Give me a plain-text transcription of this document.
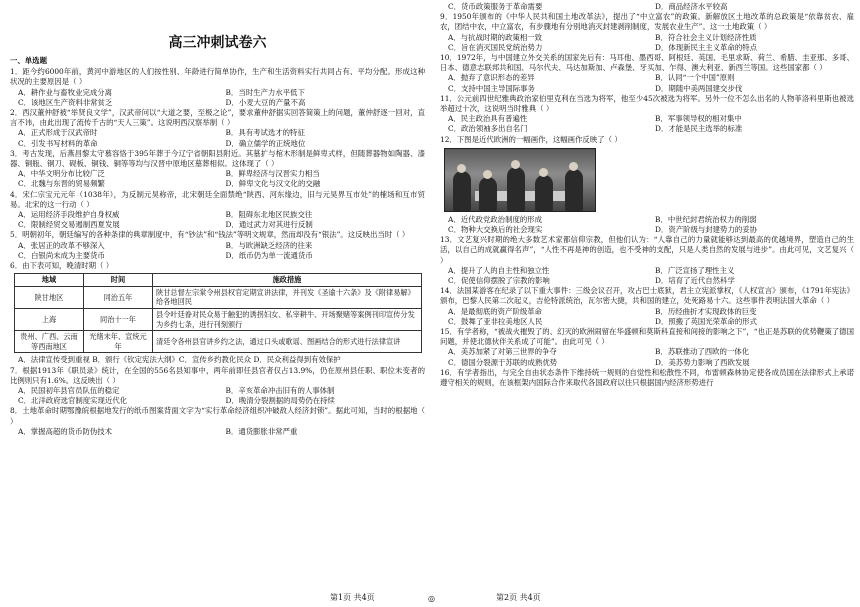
高三冲刺试卷六
一、单选题

1．距今约6000年前，黄河中游地区的人们按性别、年龄进行简单协作，生产和生活资料实行共同占有、平均分配。形成这种状况的主要原因是（ ）

A．耕作业与畜牧业完成分离	B．当时生产力水平低下
C．该地区生产资料非常贫乏	D．小麦大豆的产量不高

2．西汉董仲舒被“举贤良文学”，汉武帝问以“大道之要，至极之论”，要求董仲舒据实回答简策上的问题，董仲舒逐一回对，直言不讳，由此出现了流传千古的“天人三策”。这说明西汉察举制（ ）

A．正式形成于汉武帝时	B．具有考试选才的特征
C．引发书写材料的革命	D．确立儒学的正统地位

3．考古发现，后燕昌黎太守慕容恪于395年葬于今辽宁省朝阳县附近。其墓扩与棺木形制是鲜卑式样，但随葬器物如陶器、漆器、铜瓶、铜刀、砚板、铜钱、铜等等均与汉晋中原地区墓葬相似。这体现了（ ）

A．中华文明分布比较广泛	B．鲜卑经济与汉晋实力相当
C．北魏与东晋的贸易频繁	D．鲜卑文化与汉文化的交融

4．宋仁宗宝元元年（1038年），为反制元昊称帝，北宋朝廷全面禁绝“陕西、河东缘边，旧与元昊界互市处”的榷场和互市贸易。北宋的这一行动（ ）

A．运用经济手段维护自身权威	B．阻碍东北地区民族交往
C．限制经贸交易遏制西夏发展	D．通过武力对其进行反制

5．明朝初年，朝廷编写的各种条律的典章制度中，有“钞法”和“钱法”等明文规章，然而却没有“银法”。这反映出当时（ ）

A．张居正的改革不够深入	B．与欧洲缺乏经济的往来
C．白银尚未成为主要货币	D．纸币仍为单一流通货币

6．由下表可知，晚清时期（ ）

地域	时间	施政措施
陕甘地区	同治五年	陕甘总督左宗棠令州县权官定期宣讲法律，并刊发《圣谕十六条》及《附律易解》给各地回民
上海	同治十一年	县令叶廷眷对民众易于触犯的诱拐妇女、私宰耕牛、开场聚赌等案例刊印宣传分发为乡约七条，进行刊刻颁行
贵州、广西、云南等西南地区	光绪末年、宣统元年	清廷令各州县官讲乡约之法，通过口头或歌谣、图画结合的形式进行法律宣讲
A．法律宣传受到重视 B．颁行《钦定宪法大纲》C．宣传乡约教化民众 D．民众利益得到有效保护

7．根据1913年《职员录》统计，在全国的556名县知事中，两年前即任县官者仅占13.9%，仍在原州县任职、职位未变者的比例则只有1.6%。这反映出（ ）

A．民国初年县官员队伍的稳定	B．辛亥革命冲击旧有的人事体制
C．北洋政府选官制度实现近代化	D．晚清分裂割据的局势仍在持续

8．土地革命时期鄂豫皖根据地发行的纸币图案背面文字为“实行革命经济组织冲破敌人经济封锁”。据此可知，当时的根据地（ ）

A．掌握高超的货币防伪技术	B．通货膨胀非常严重
C．货币政策服务于革命需要	D．商品经济水平较高

9．1950年颁布的《中华人民共和国土地改革法》，提出了“中立富农”的政策。新解放区土地改革的总政策是“依靠贫农、雇农，团结中农，中立富农，有步骤地有分别地消灭封建剥削制度，发展农业生产”。这一土地政策（ ）

A．与抗战时期的政策相一致	B．符合社会主义计划经济性质
C．旨在消灭国民党统治势力	D．体现新民主主义革命的特点

10．1972年，与中国建立外交关系的国家先后有：马耳他、墨西哥、阿根廷、英国、毛里求斯、荷兰、希腊、圭亚那、多哥、日本、德意志联邦共和国、马尔代夫、马达加斯加、卢森堡、牙买加、乍得、澳大利亚、新西兰等国。这些国家都（ ）

A．抛弃了意识形态的差异	B．认同“一个中国”原则
C．支持中国主导国际事务	D．期随中美两国建交步伐

11．公元前四世纪雅典政治家伯里克利在当选为将军，他至少45次被选为将军。另外一位不怎么出名的人物菲洛科里斯也被选举超过十次，这说明当时雅典（ ）

A．民主政治具有普遍性	B．军事领导权的相对集中
C．政治领袖多出自名门	D．才能是民主选举的标准

12．下图是近代欧洲的一幅画作，这幅画作反映了（ ）

A．近代政党政治制度的形成	B．中世纪封君统治权力的削弱
C．物种大交换后的社会现实	D．资产阶级与封建势力的妥协

13．文艺复兴时期的绝大多数艺术家都信仰宗教，但他们认为：“人靠自己的力量就能够达到最高的优越境界，塑造自己的生活，以自己的成就赢得名声”，“人性不再是神的创造，也不受神的支配，只是人类自然的发展与进步”。由此可见，文艺复兴（ ）

A．提升了人的自主性和独立性	B．广泛宣扬了理性主义
C．促使信仰摆脱了宗教的影响	D．培育了近代自然科学

14．法国某游客在纪录了以下重大事件：三级会议召开，攻占巴士底狱，君主立宪派掌权，《人权宣言》颁布，《1791年宪法》颁布，巴黎人民第二次起义，吉伦特派统治，瓦尔密大捷，共和国的建立，处死路易十六。这些事件表明法国大革命（ ）

A．是最彻底的资产阶级革命	B．历经曲折才实现政体的巨变
C．鼓舞了亚非拉美地区人民	D．照搬了英国光荣革命的形式

15．有学者称，“被战火摧毁了的、幻灭的欧洲闹留在华盛顿和莫斯科直接和间接的影响之下”，“也正是苏联的优势鞭策了德国问题，并使北德伙伴关系成了可能”。由此可见（ ）

A．美苏加紧了对第三世界的争夺	B．苏联推动了西欧的一体化
C．德国分裂源于苏联的成熟优势	D．美苏势力影响了西欧发展

16．有学者指出，与完全自由状态条件下维持统一规则的自觉性和松散性不同，布雷顿森林协定使各成员国在法律形式上承诺遵守相关的规则，在该框架内国际合作来取代各国政府以往只根据国内经济形势进行

第1页 共4页	◎	第2页 共4页
